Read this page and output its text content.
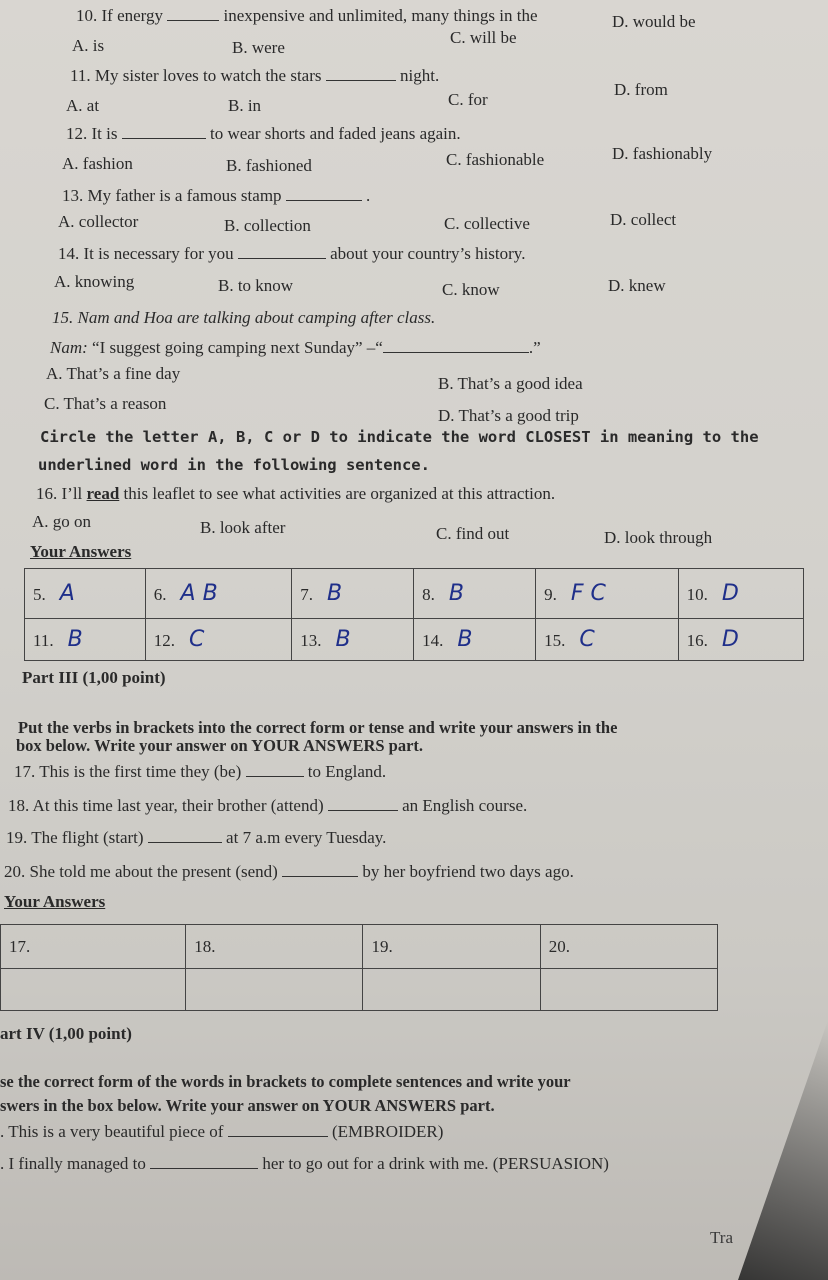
10. If energy	inexpensive and unlimited, many things in the
A. is	B. were
C. will be
D. would be
11. My sister loves to watch the stars	night.
A. at	B. in	C. for
D. from
12. It is	to wear shorts and faded jeans again.
A. fashion	B. fashioned	C. fashionable	D. fashionably
13. My father is a famous stamp	.
A. collector	B. collection	C. collective	D. collect
14. It is necessary for you	about your country’s history.
A. knowing	B. to know	C. know	D. knew
15. Nam and Hoa are talking about camping after class.
Nam: “I suggest going camping next Sunday” –“	.”
A. That’s a fine day
B. That’s a good idea
C. That’s a reason
D. That’s a good trip
Circle the letter A, B, C or D to indicate the word CLOSEST in meaning to the
underlined word in the following sentence.
16. I’ll read this leaflet to see what activities are organized at this attraction.
A. go on	B. look after	C. find out	D. look through
Your Answers
5. A	6. A B	7. B	8. B	9. F C	10. D
11. B	12. C	13. B	14. B	15. C	16. D
Part III (1,00 point)
Put the verbs in brackets into the correct form or tense and write your answers in the
box below. Write your answer on YOUR ANSWERS part.
17. This is the first time they (be)	to England.
18. At this time last year, their brother (attend)	an English course.
19. The flight (start)	at 7 a.m every Tuesday.
20. She told me about the present (send)	by her boyfriend two days ago.
Your Answers
17.	18.	19.	20.

art IV (1,00 point)
se the correct form of the words in brackets to complete sentences and write your
swers in the box below. Write your answer on YOUR ANSWERS part.
. This is a very beautiful piece of	(EMBROIDER)
. I finally managed to	her to go out for a drink with me. (PERSUASION)
Tra
